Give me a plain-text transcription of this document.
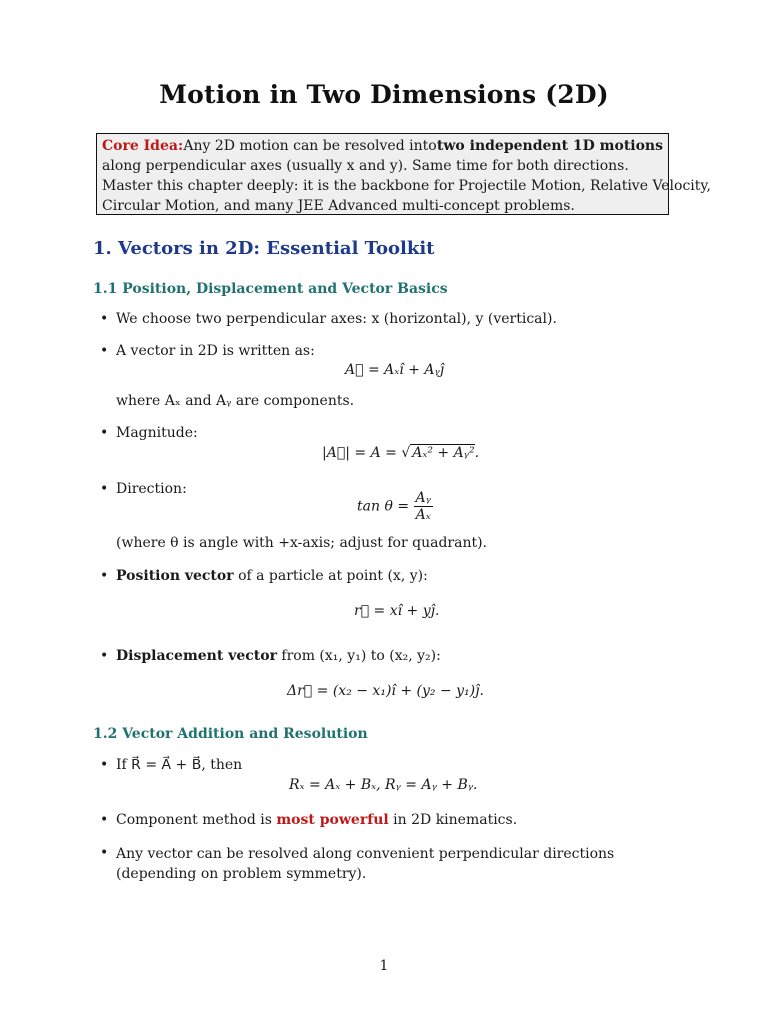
Motion in Two Dimensions (2D)
Core Idea: Any 2D motion can be resolved into two independent 1D motions
along perpendicular axes (usually x and y). Same time for both directions.
Master this chapter deeply: it is the backbone for Projectile Motion, Relative Velocity,
Circular Motion, and many JEE Advanced multi-concept problems.
1. Vectors in 2D: Essential Toolkit
1.1 Position, Displacement and Vector Basics
• We choose two perpendicular axes: x (horizontal), y (vertical).
• A vector in 2D is written as:
A⃗ = Aₓî + Aᵧĵ
where Aₓ and Aᵧ are components.
• Magnitude:
|A⃗| = A = √ Aₓ² + Aᵧ².
• Direction:
$\tan \theta = \frac{\text{Aᵧ}}{\text{Aₓ}}$
(where θ is angle with +x-axis; adjust for quadrant).
• Position vector of a particle at point (x, y):
r⃗ = xî + yĵ.
• Displacement vector from (x₁, y₁) to (x₂, y₂):
Δr⃗ = (x₂ − x₁)î + (y₂ − y₁)ĵ.
1.2 Vector Addition and Resolution
• If R⃗ = A⃗ + B⃗, then
Rₓ = Aₓ + Bₓ, Rᵧ = Aᵧ + Bᵧ.
• Component method is most powerful in 2D kinematics.
• Any vector can be resolved along convenient perpendicular directions (depending on problem symmetry).
1
